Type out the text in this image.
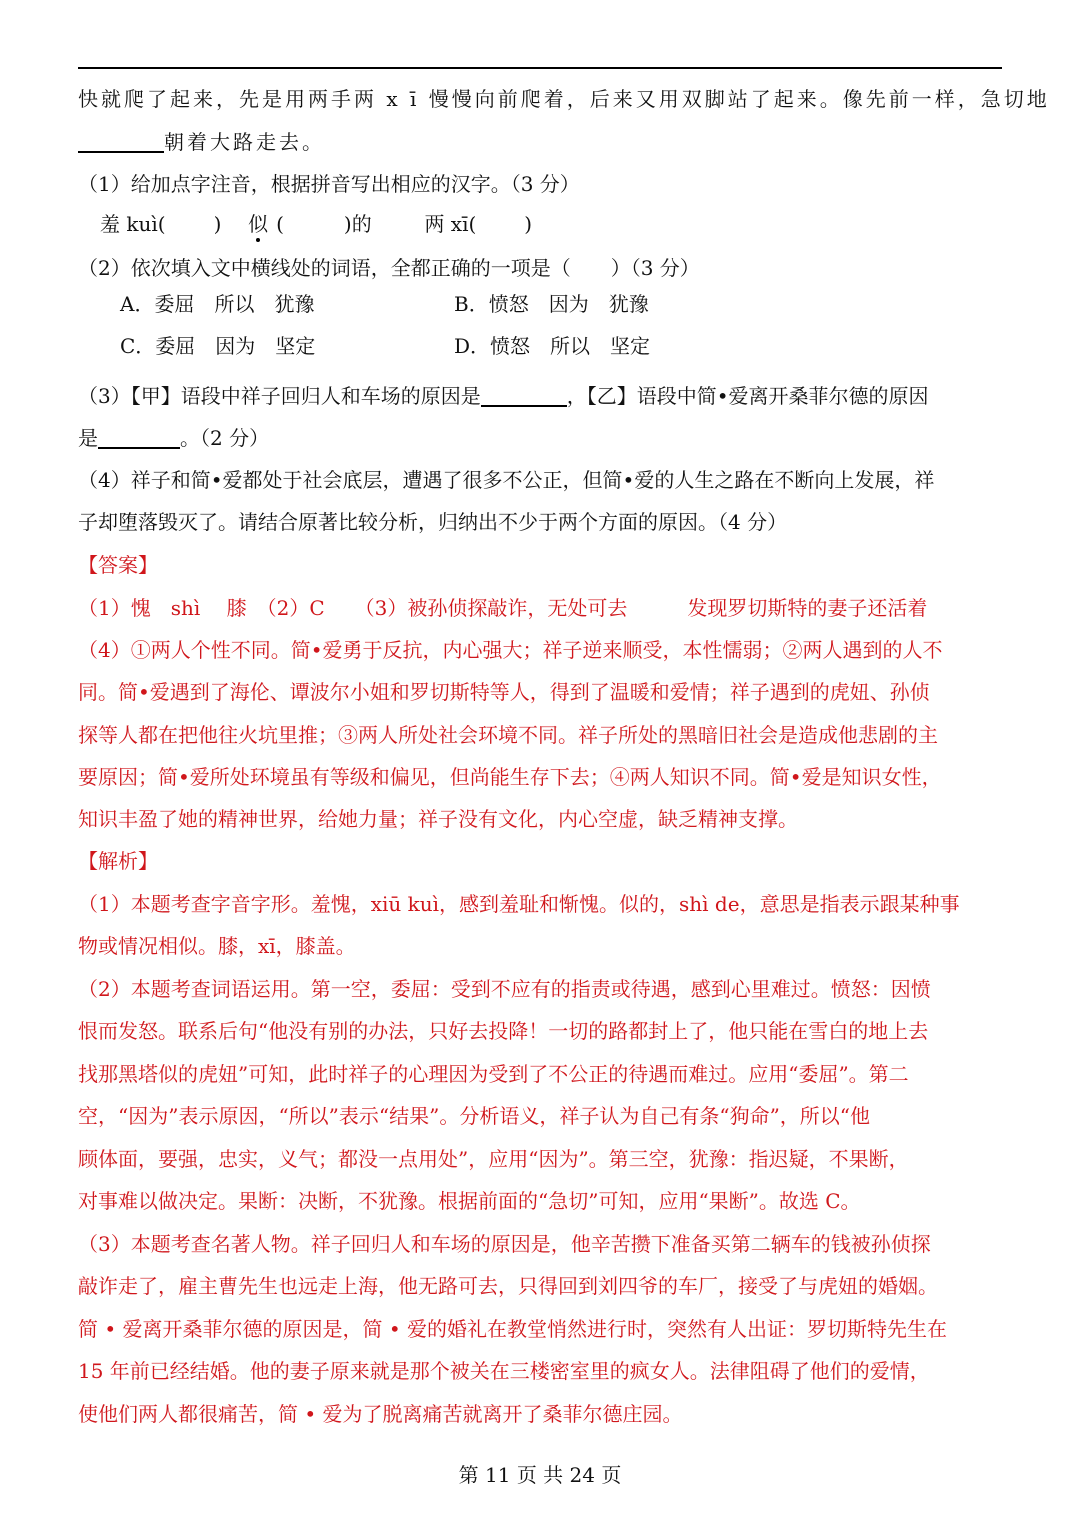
快就爬了起来，先是用两手两 x ī 慢慢向前爬着，后来又用双脚站了起来。像先前一样，急切地
朝着大路走去。
（1）给加点字注音，根据拼音写出相应的汉字。（3 分）
羞 kuì( ) 似 (	)的	两 xī( )
（2）依次填入文中横线处的词语，全都正确的一项是（　　）（3 分）
A．委屈　所以　犹豫	B．愤怒　因为　犹豫
C．委屈　因为　坚定	D．愤怒　所以　坚定
（3）【甲】语段中祥子回归人和车场的原因是	，【乙】语段中简•爱离开桑菲尔德的原因
是	。（2 分）
（4）祥子和简•爱都处于社会底层，遭遇了很多不公正，但简•爱的人生之路在不断向上发展，祥
子却堕落毁灭了。请结合原著比较分析，归纳出不少于两个方面的原因。（4 分）
【答案】
（1）愧　shì　 膝　（2）C　　（3）被孙侦探敲诈，无处可去　　　发现罗切斯特的妻子还活着
（4）①两人个性不同。简•爱勇于反抗，内心强大；祥子逆来顺受，本性懦弱；②两人遇到的人不
同。简•爱遇到了海伦、谭波尔小姐和罗切斯特等人，得到了温暖和爱情；祥子遇到的虎妞、孙侦
探等人都在把他往火坑里推；③两人所处社会环境不同。祥子所处的黑暗旧社会是造成他悲剧的主
要原因；简•爱所处环境虽有等级和偏见，但尚能生存下去；④两人知识不同。简•爱是知识女性，
知识丰盈了她的精神世界，给她力量；祥子没有文化，内心空虚，缺乏精神支撑。
【解析】
（1）本题考查字音字形。羞愧，xiū kuì，感到羞耻和惭愧。似的，shì de，意思是指表示跟某种事
物或情况相似。膝，xī，膝盖。
（2）本题考查词语运用。第一空，委屈：受到不应有的指责或待遇，感到心里难过。愤怒：因愤
恨而发怒。联系后句“他没有别的办法，只好去投降！一切的路都封上了，他只能在雪白的地上去
找那黑塔似的虎妞”可知，此时祥子的心理因为受到了不公正的待遇而难过。应用“委屈”。第二
空，“因为”表示原因，“所以”表示“结果”。分析语义，祥子认为自己有条“狗命”，所以“他
顾体面，要强，忠实，义气；都没一点用处”，应用“因为”。第三空，犹豫：指迟疑，不果断，
对事难以做决定。果断：决断，不犹豫。根据前面的“急切”可知，应用“果断”。故选 C。
（3）本题考查名著人物。祥子回归人和车场的原因是，他辛苦攒下准备买第二辆车的钱被孙侦探
敲诈走了，雇主曹先生也远走上海，他无路可去，只得回到刘四爷的车厂，接受了与虎妞的婚姻。
简 • 爱离开桑菲尔德的原因是，简 • 爱的婚礼在教堂悄然进行时，突然有人出证：罗切斯特先生在
15 年前已经结婚。他的妻子原来就是那个被关在三楼密室里的疯女人。法律阻碍了他们的爱情，
使他们两人都很痛苦，简 • 爱为了脱离痛苦就离开了桑菲尔德庄园。
第 11 页 共 24 页
